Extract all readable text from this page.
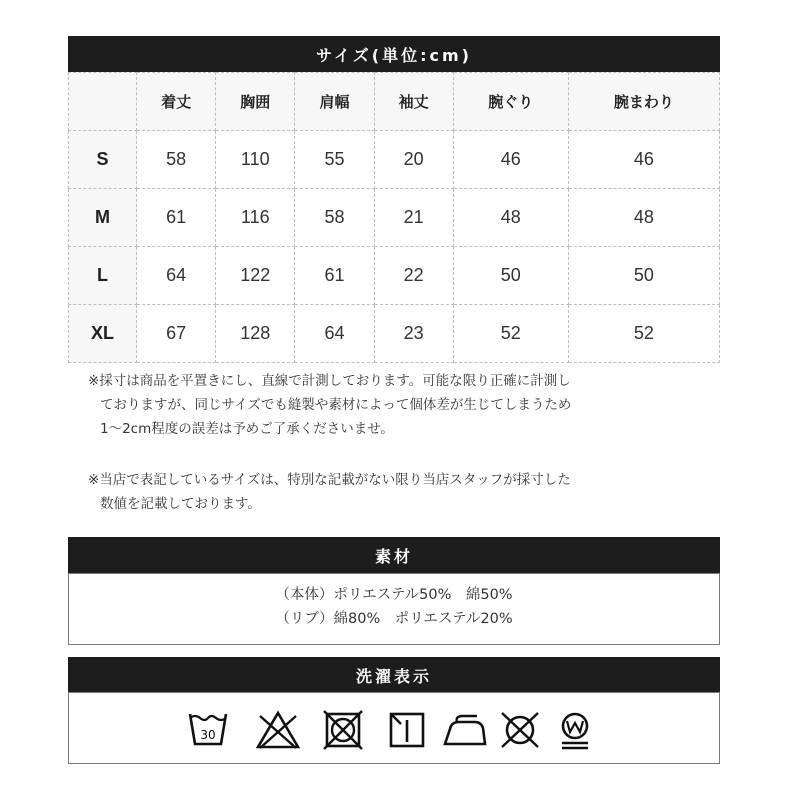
サイズ(単位:cm)
	着丈	胸囲	肩幅	袖丈	腕ぐり	腕まわり
S	58	110	55	20	46	46
M	61	116	58	21	48	48
L	64	122	61	22	50	50
XL	67	128	64	23	52	52
※採寸は商品を平置きにし、直線で計測しております。可能な限り正確に計測し
ておりますが、同じサイズでも縫製や素材によって個体差が生じてしまうため
1〜2cm程度の誤差は予めご了承くださいませ。
※当店で表記しているサイズは、特別な記載がない限り当店スタッフが採寸した
数値を記載しております。
素材
（本体）ポリエステル50%　綿50%
（リブ）綿80%　ポリエステル20%
洗濯表示
30
